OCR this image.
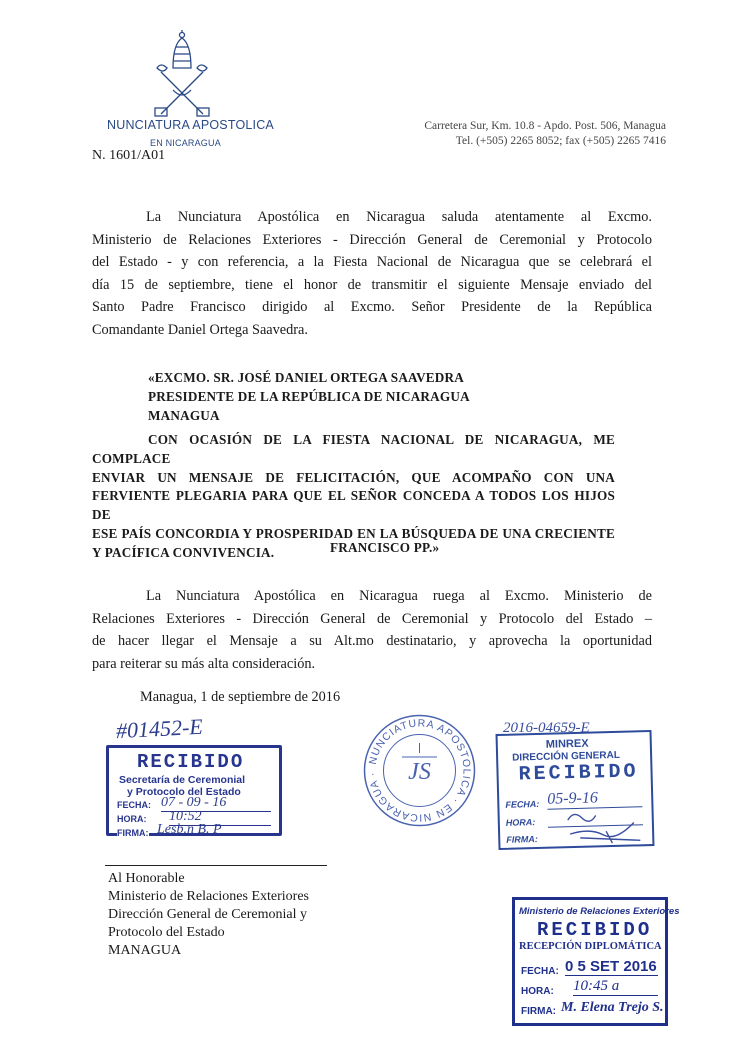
NUNCIATURA APOSTOLICA
EN NICARAGUA
N. 1601/A01
Carretera Sur, Km. 10.8 - Apdo. Post. 506, Managua
Tel. (+505) 2265 8052; fax (+505) 2265 7416
La Nunciatura Apostólica en Nicaragua saluda atentamente al Excmo.
Ministerio de Relaciones Exteriores - Dirección General de Ceremonial y Protocolo
del Estado - y con referencia, a la Fiesta Nacional de Nicaragua que se celebrará el
día 15 de septiembre, tiene el honor de transmitir el siguiente Mensaje enviado del
Santo Padre Francisco dirigido al Excmo. Señor Presidente de la República
Comandante Daniel Ortega Saavedra.
«EXCMO. SR. JOSÉ DANIEL ORTEGA SAAVEDRA
PRESIDENTE DE LA REPÚBLICA DE NICARAGUA
MANAGUA
CON OCASIÓN DE LA FIESTA NACIONAL DE NICARAGUA, ME COMPLACE
ENVIAR UN MENSAJE DE FELICITACIÓN, QUE ACOMPAÑO CON UNA
FERVIENTE PLEGARIA PARA QUE EL SEÑOR CONCEDA A TODOS LOS HIJOS DE
ESE PAÍS CONCORDIA Y PROSPERIDAD EN LA BÚSQUEDA DE UNA CRECIENTE
Y PACÍFICA CONVIVENCIA.	FRANCISCO PP.»
La Nunciatura Apostólica en Nicaragua ruega al Excmo. Ministerio de
Relaciones Exteriores - Dirección General de Ceremonial y Protocolo del Estado –
de hacer llegar el Mensaje a su Alt.mo destinatario, y aprovecha la oportunidad
para reiterar su más alta consideración.
Managua, 1 de septiembre de 2016
#01452-E
RECIBIDO
Secretaría de Ceremonial
y Protocolo del Estado
FECHA: 07 - 09 - 16
HORA: 10:52
FIRMA: Lesb.n B. P
NUNCIATURA APOSTOLICA · EN NICARAGUA ·	JS
2016-04659-E
MINREX
DIRECCIÓN GENERAL
RECIBIDO
FECHA: 05-9-16
HORA:
FIRMA:
Al Honorable
Ministerio de Relaciones Exteriores
Dirección General de Ceremonial y
Protocolo del Estado
MANAGUA
Ministerio de Relaciones Exteriores
RECIBIDO
RECEPCIÓN DIPLOMÁTICA
FECHA: 0 5 SET 2016
HORA: 10:45 a
FIRMA: M. Elena Trejo S.
